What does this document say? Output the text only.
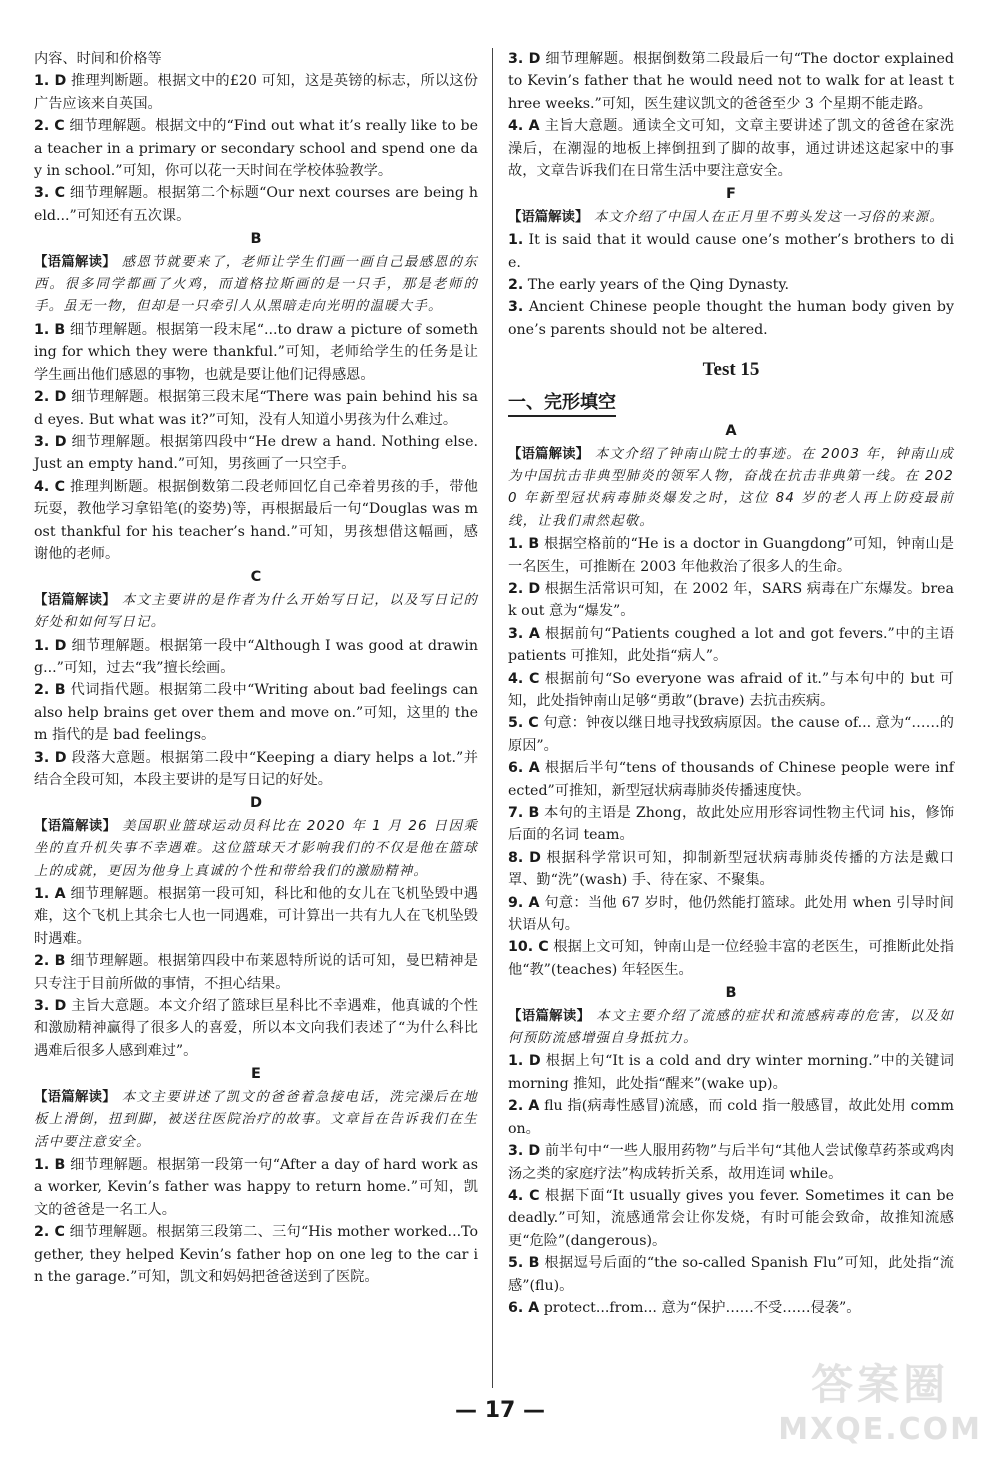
内容、时间和价格等

1. D 推理判断题。根据文中的£20 可知，这是英镑的标志，所以这份广告应该来自英国。

2. C 细节理解题。根据文中的“Find out what it’s really like to be a teacher in a primary or secondary school and spend one day in school.”可知，你可以花一天时间在学校体验教学。

3. C 细节理解题。根据第二个标题“Our next courses are being held...”可知还有五次课。

B

【语篇解读】 感恩节就要来了，老师让学生们画一画自己最感恩的东西。很多同学都画了火鸡，而道格拉斯画的是一只手，那是老师的手。虽无一物，但却是一只牵引人从黑暗走向光明的温暖大手。

1. B 细节理解题。根据第一段末尾“...to draw a picture of something for which they were thankful.”可知，老师给学生的任务是让学生画出他们感恩的事物，也就是要让他们记得感恩。

2. D 细节理解题。根据第三段末尾“There was pain behind his sad eyes. But what was it?”可知，没有人知道小男孩为什么难过。

3. D 细节理解题。根据第四段中“He drew a hand. Nothing else. Just an empty hand.”可知，男孩画了一只空手。

4. C 推理判断题。根据倒数第二段老师回忆自己牵着男孩的手，带他玩耍，教他学习拿铅笔(的姿势)等，再根据最后一句“Douglas was most thankful for his teacher’s hand.”可知，男孩想借这幅画，感谢他的老师。

C

【语篇解读】 本文主要讲的是作者为什么开始写日记，以及写日记的好处和如何写日记。

1. D 细节理解题。根据第一段中“Although I was good at drawing...”可知，过去“我”擅长绘画。

2. B 代词指代题。根据第二段中“Writing about bad feelings can also help brains get over them and move on.”可知，这里的 them 指代的是 bad feelings。

3. D 段落大意题。根据第二段中“Keeping a diary helps a lot.”并结合全段可知，本段主要讲的是写日记的好处。

D

【语篇解读】 美国职业篮球运动员科比在 2020 年 1 月 26 日因乘坐的直升机失事不幸遇难。这位篮球天才影响我们的不仅是他在篮球上的成就，更因为他身上真诚的个性和带给我们的激励精神。

1. A 细节理解题。根据第一段可知，科比和他的女儿在飞机坠毁中遇难，这个飞机上其余七人也一同遇难，可计算出一共有九人在飞机坠毁时遇难。

2. B 细节理解题。根据第四段中布莱恩特所说的话可知，曼巴精神是只专注于目前所做的事情，不担心结果。

3. D 主旨大意题。本文介绍了篮球巨星科比不幸遇难，他真诚的个性和激励精神赢得了很多人的喜爱，所以本文向我们表述了“为什么科比遇难后很多人感到难过”。

E

【语篇解读】 本文主要讲述了凯文的爸爸着急接电话，洗完澡后在地板上滑倒，扭到脚，被送往医院治疗的故事。文章旨在告诉我们在生活中要注意安全。

1. B 细节理解题。根据第一段第一句“After a day of hard work as a worker, Kevin’s father was happy to return home.”可知，凯文的爸爸是一名工人。

2. C 细节理解题。根据第三段第二、三句“His mother worked...Together, they helped Kevin’s father hop on one leg to the car in the garage.”可知，凯文和妈妈把爸爸送到了医院。

3. D 细节理解题。根据倒数第二段最后一句“The doctor explained to Kevin’s father that he would need not to walk for at least three weeks.”可知，医生建议凯文的爸爸至少 3 个星期不能走路。

4. A 主旨大意题。通读全文可知，文章主要讲述了凯文的爸爸在家洗澡后，在潮湿的地板上摔倒扭到了脚的故事，通过讲述这起家中的事故，文章告诉我们在日常生活中要注意安全。

F

【语篇解读】 本文介绍了中国人在正月里不剪头发这一习俗的来源。

1. It is said that it would cause one’s mother’s brothers to die.

2. The early years of the Qing Dynasty.

3. Ancient Chinese people thought the human body given by one’s parents should not be altered.

Test 15
一、完形填空
A

【语篇解读】 本文介绍了钟南山院士的事迹。在 2003 年，钟南山成为中国抗击非典型肺炎的领军人物，奋战在抗击非典第一线。在 2020 年新型冠状病毒肺炎爆发之时，这位 84 岁的老人再上防疫最前线，让我们肃然起敬。

1. B 根据空格前的“He is a doctor in Guangdong”可知，钟南山是一名医生，可推断在 2003 年他救治了很多人的生命。

2. D 根据生活常识可知，在 2002 年，SARS 病毒在广东爆发。break out 意为“爆发”。

3. A 根据前句“Patients coughed a lot and got fevers.”中的主语 patients 可推知，此处指“病人”。

4. C 根据前句“So everyone was afraid of it.”与本句中的 but 可知，此处指钟南山足够“勇敢”(brave) 去抗击疾病。

5. C 句意：钟夜以继日地寻找致病原因。the cause of... 意为“……的原因”。

6. A 根据后半句“tens of thousands of Chinese people were infected”可推知，新型冠状病毒肺炎传播速度快。

7. B 本句的主语是 Zhong，故此处应用形容词性物主代词 his，修饰后面的名词 team。

8. D 根据科学常识可知，抑制新型冠状病毒肺炎传播的方法是戴口罩、勤“洗”(wash) 手、待在家、不聚集。

9. A 句意：当他 67 岁时，他仍然能打篮球。此处用 when 引导时间状语从句。

10. C 根据上文可知，钟南山是一位经验丰富的老医生，可推断此处指他“教”(teaches) 年轻医生。

B

【语篇解读】 本文主要介绍了流感的症状和流感病毒的危害，以及如何预防流感增强自身抵抗力。

1. D 根据上句“It is a cold and dry winter morning.”中的关键词 morning 推知，此处指“醒来”(wake up)。

2. A flu 指(病毒性感冒)流感，而 cold 指一般感冒，故此处用 common。

3. D 前半句中“一些人服用药物”与后半句“其他人尝试像草药茶或鸡肉汤之类的家庭疗法”构成转折关系，故用连词 while。

4. C 根据下面“It usually gives you fever. Sometimes it can be deadly.”可知，流感通常会让你发烧，有时可能会致命，故推知流感更“危险”(dangerous)。

5. B 根据逗号后面的“the so-called Spanish Flu”可知，此处指“流感”(flu)。

6. A protect...from... 意为“保护……不受……侵袭”。

— 17 —
答案圈
MXQE.COM
